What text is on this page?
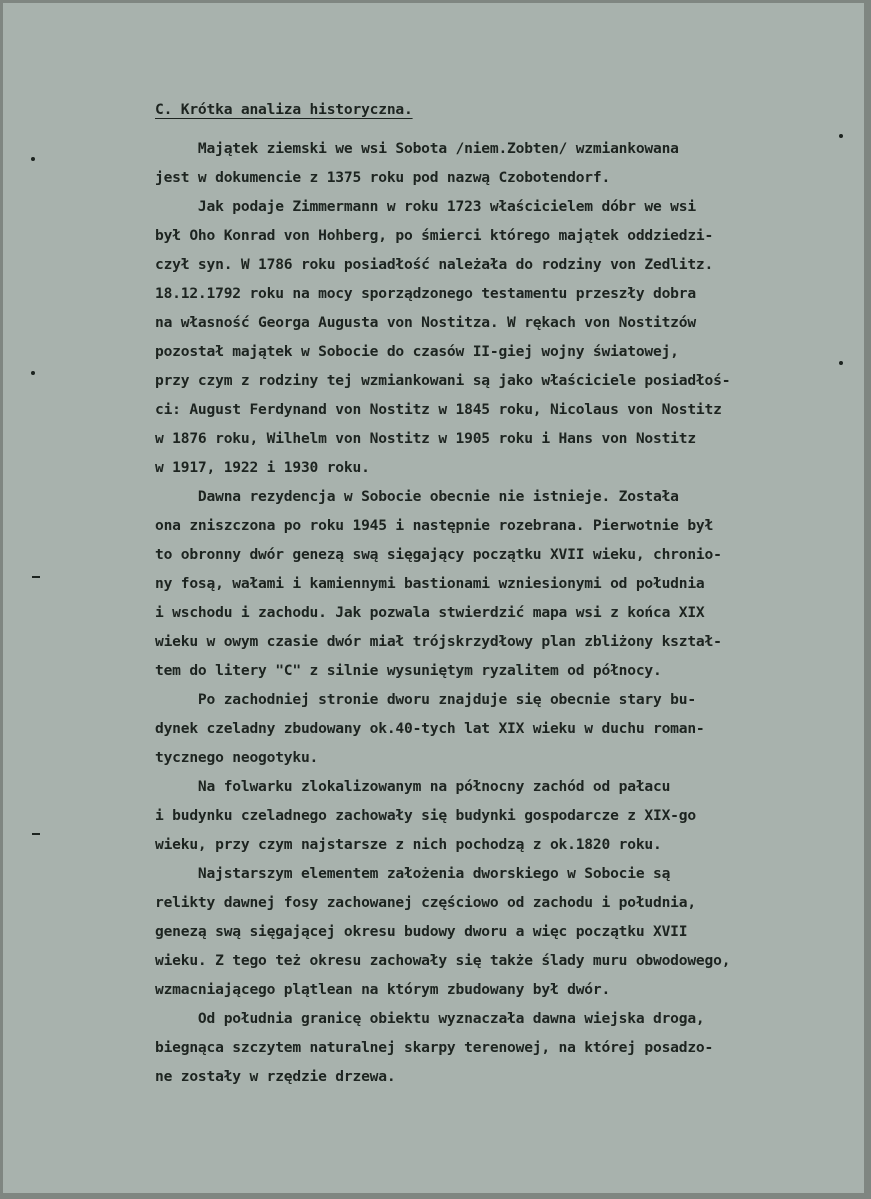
C. Krótka analiza historyczna.
Majątek ziemski we wsi Sobota /niem.Zobten/ wzmiankowana
jest w dokumencie z 1375 roku pod nazwą Czobotendorf.
Jak podaje Zimmermann w roku 1723 właścicielem dóbr we wsi
był Oho Konrad von Hohberg, po śmierci którego majątek oddziedzi-
czył syn. W 1786 roku posiadłość należała do rodziny von Zedlitz.
18.12.1792 roku na mocy sporządzonego testamentu przeszły dobra
na własność Georga Augusta von Nostitza. W rękach von Nostitzów
pozostał majątek w Sobocie do czasów II-giej wojny światowej,
przy czym z rodziny tej wzmiankowani są jako właściciele posiadłoś-
ci: August Ferdynand von Nostitz w 1845 roku, Nicolaus von Nostitz
w 1876 roku, Wilhelm von Nostitz w 1905 roku i Hans von Nostitz
w 1917, 1922 i 1930 roku.
Dawna rezydencja w Sobocie obecnie nie istnieje. Została
ona zniszczona po roku 1945 i następnie rozebrana. Pierwotnie był
to obronny dwór genezą swą sięgający początku XVII wieku, chronio-
ny fosą, wałami i kamiennymi bastionami wzniesionymi od południa
i wschodu i zachodu. Jak pozwala stwierdzić mapa wsi z końca XIX
wieku w owym czasie dwór miał trójskrzydłowy plan zbliżony kształ-
tem do litery "C" z silnie wysuniętym ryzalitem od północy.
Po zachodniej stronie dworu znajduje się obecnie stary bu-
dynek czeladny zbudowany ok.40-tych lat XIX wieku w duchu roman-
tycznego neogotyku.
Na folwarku zlokalizowanym na północny zachód od pałacu
i budynku czeladnego zachowały się budynki gospodarcze z XIX-go
wieku, przy czym najstarsze z nich pochodzą z ok.1820 roku.
Najstarszym elementem założenia dworskiego w Sobocie są
relikty dawnej fosy zachowanej częściowo od zachodu i południa,
genezą swą sięgającej okresu budowy dworu a więc początku XVII
wieku. Z tego też okresu zachowały się także ślady muru obwodowego,
wzmacniającego plątlean na którym zbudowany był dwór.
Od południa granicę obiektu wyznaczała dawna wiejska droga,
biegnąca szczytem naturalnej skarpy terenowej, na której posadzo-
ne zostały w rzędzie drzewa.
